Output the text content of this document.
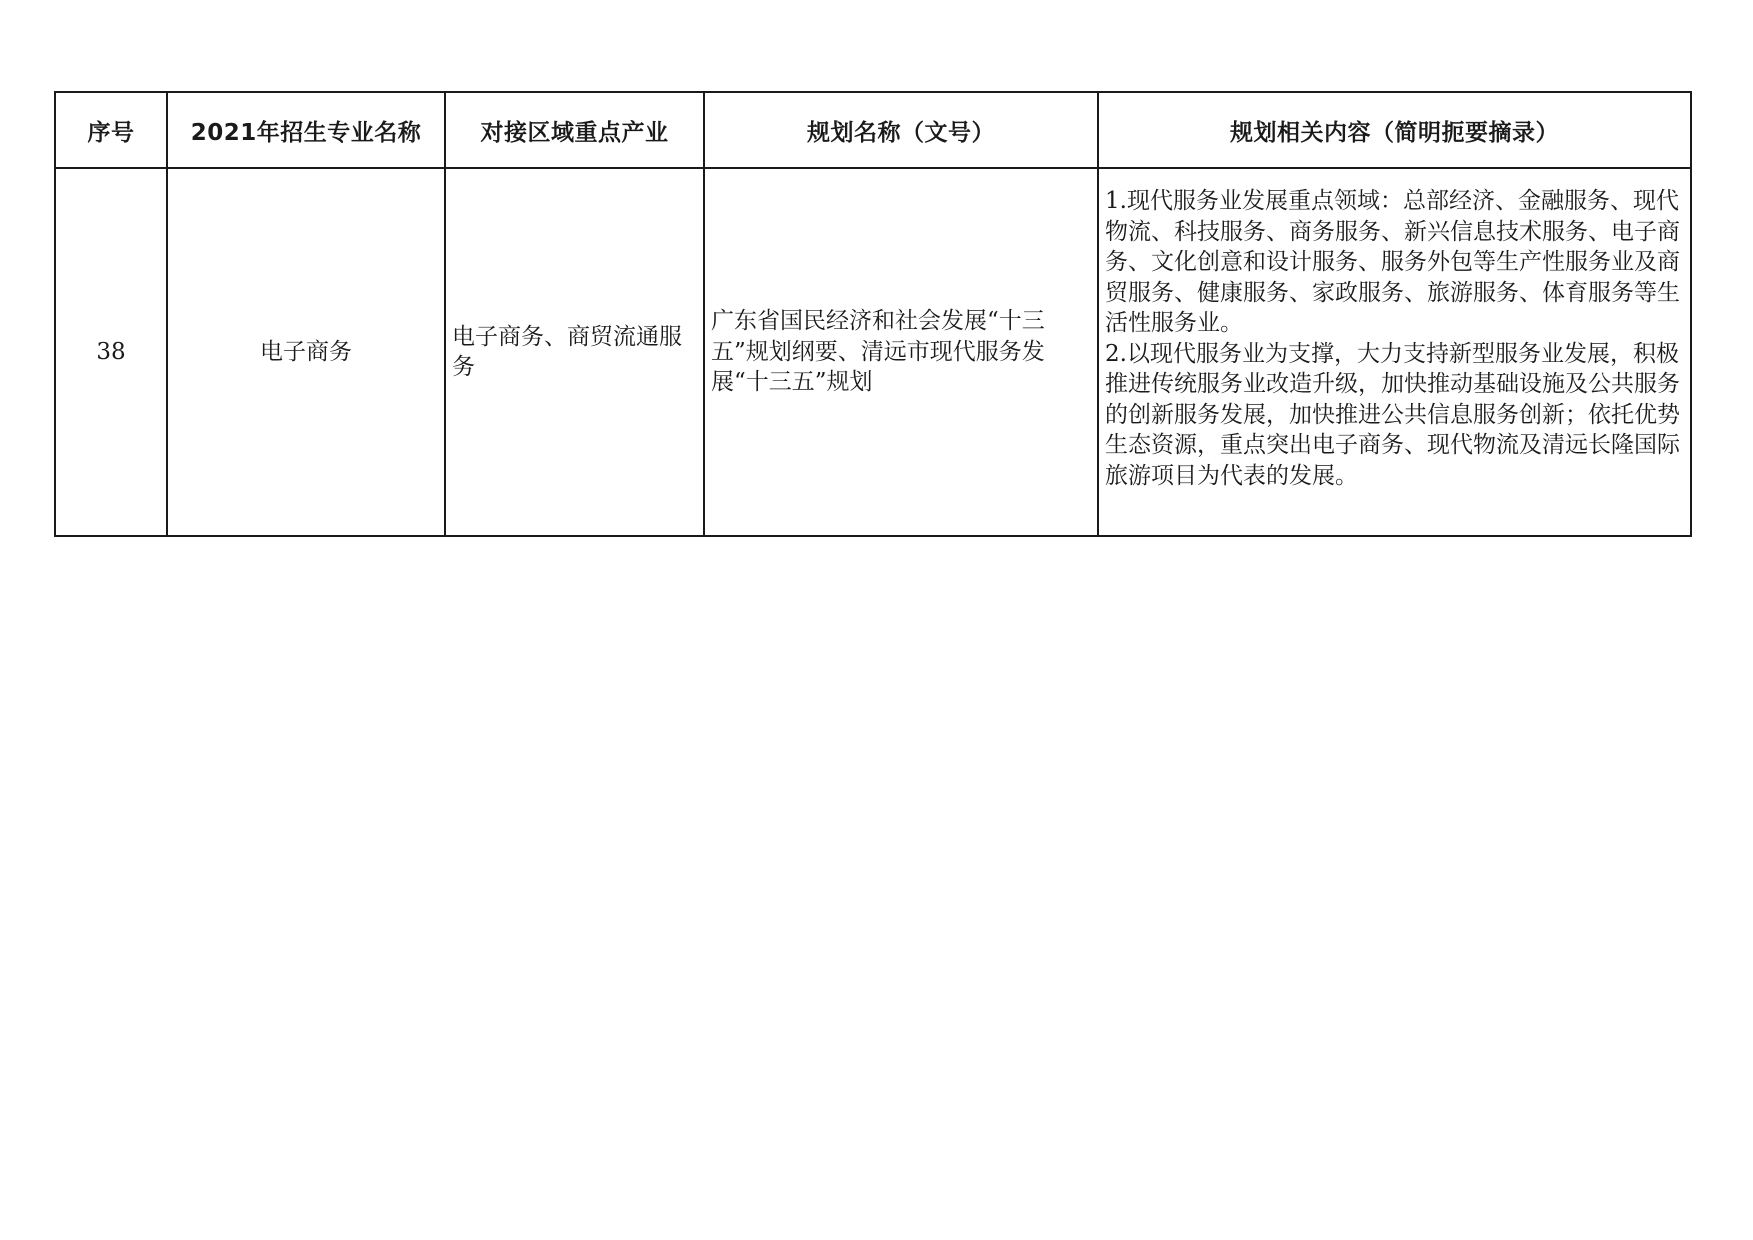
序号	2021年招生专业名称	对接区域重点产业	规划名称（文号）	规划相关内容（简明扼要摘录）
38	电子商务	电子商务、商贸流通服务	广东省国民经济和社会发展“十三五”规划纲要、清远市现代服务发展“十三五”规划	1.现代服务业发展重点领域：总部经济、金融服务、现代物流、科技服务、商务服务、新兴信息技术服务、电子商务、文化创意和设计服务、服务外包等生产性服务业及商贸服务、健康服务、家政服务、旅游服务、体育服务等生活性服务业。
2.以现代服务业为支撑，大力支持新型服务业发展，积极推进传统服务业改造升级，加快推动基础设施及公共服务的创新服务发展，加快推进公共信息服务创新；依托优势生态资源，重点突出电子商务、现代物流及清远长隆国际旅游项目为代表的发展。
